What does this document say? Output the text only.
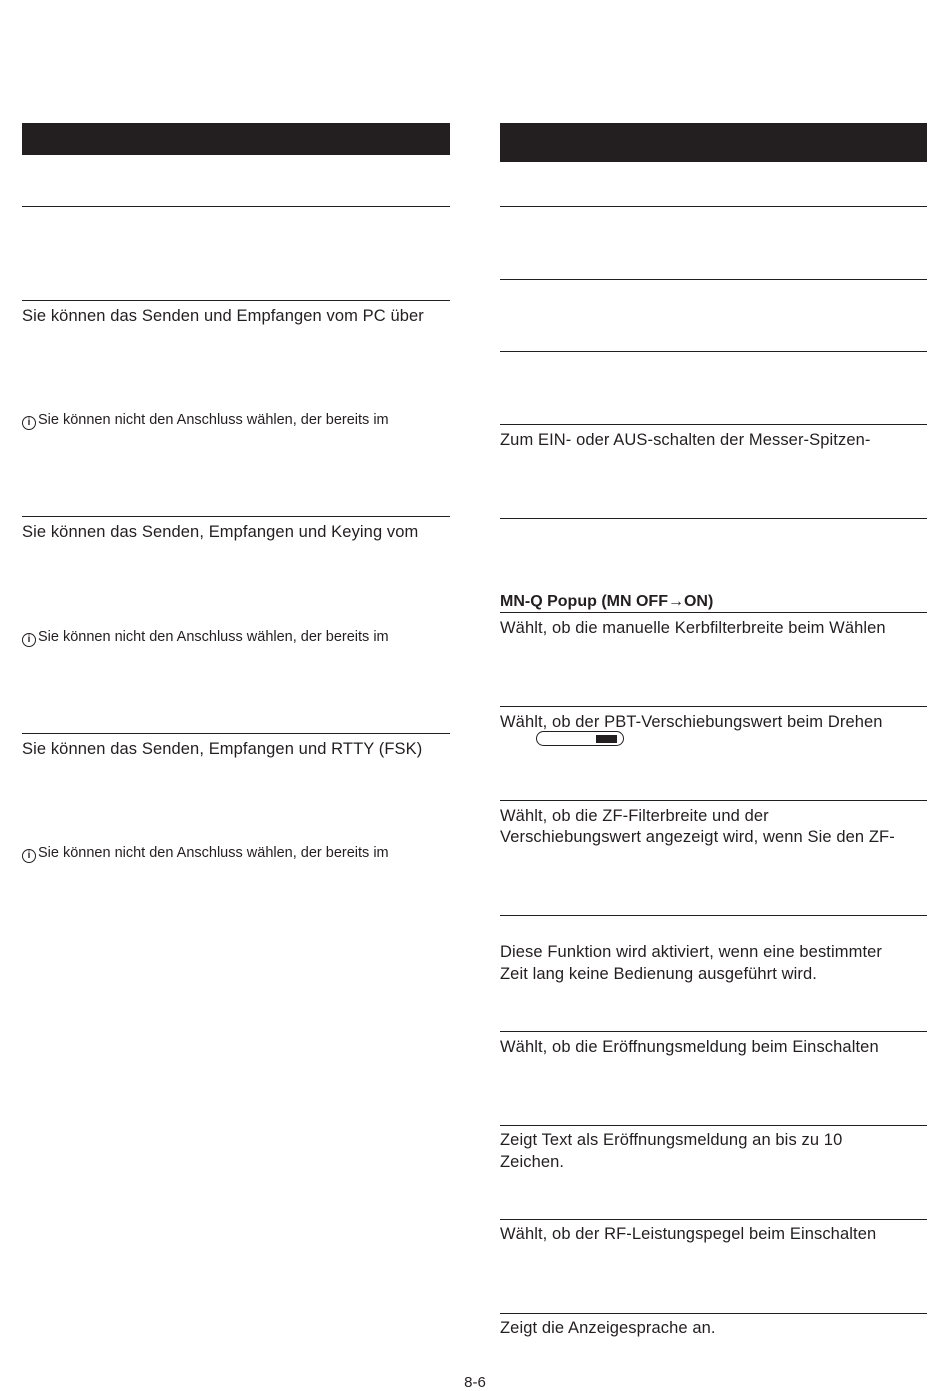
Sie können das Senden und Empfangen vom PC über
i Sie können nicht den Anschluss wählen, der bereits im
Sie können das Senden, Empfangen und Keying vom
i Sie können nicht den Anschluss wählen, der bereits im
Sie können das Senden, Empfangen und RTTY (FSK)
i Sie können nicht den Anschluss wählen, der bereits im
Zum EIN- oder AUS-schalten der Messer-Spitzen-
MN-Q Popup (MN OFF→ON)
Wählt, ob die manuelle Kerbfilterbreite beim Wählen
Wählt, ob der PBT-Verschiebungswert beim Drehen
Wählt, ob die ZF-Filterbreite und der
Verschiebungswert angezeigt wird, wenn Sie den ZF-
Diese Funktion wird aktiviert, wenn eine bestimmter
Zeit lang keine Bedienung ausgeführt wird.
Wählt, ob die Eröffnungsmeldung beim Einschalten
Zeigt Text als Eröffnungsmeldung an bis zu 10
Zeichen.
Wählt, ob der RF-Leistungspegel beim Einschalten
Zeigt die Anzeigesprache an.
8-6
